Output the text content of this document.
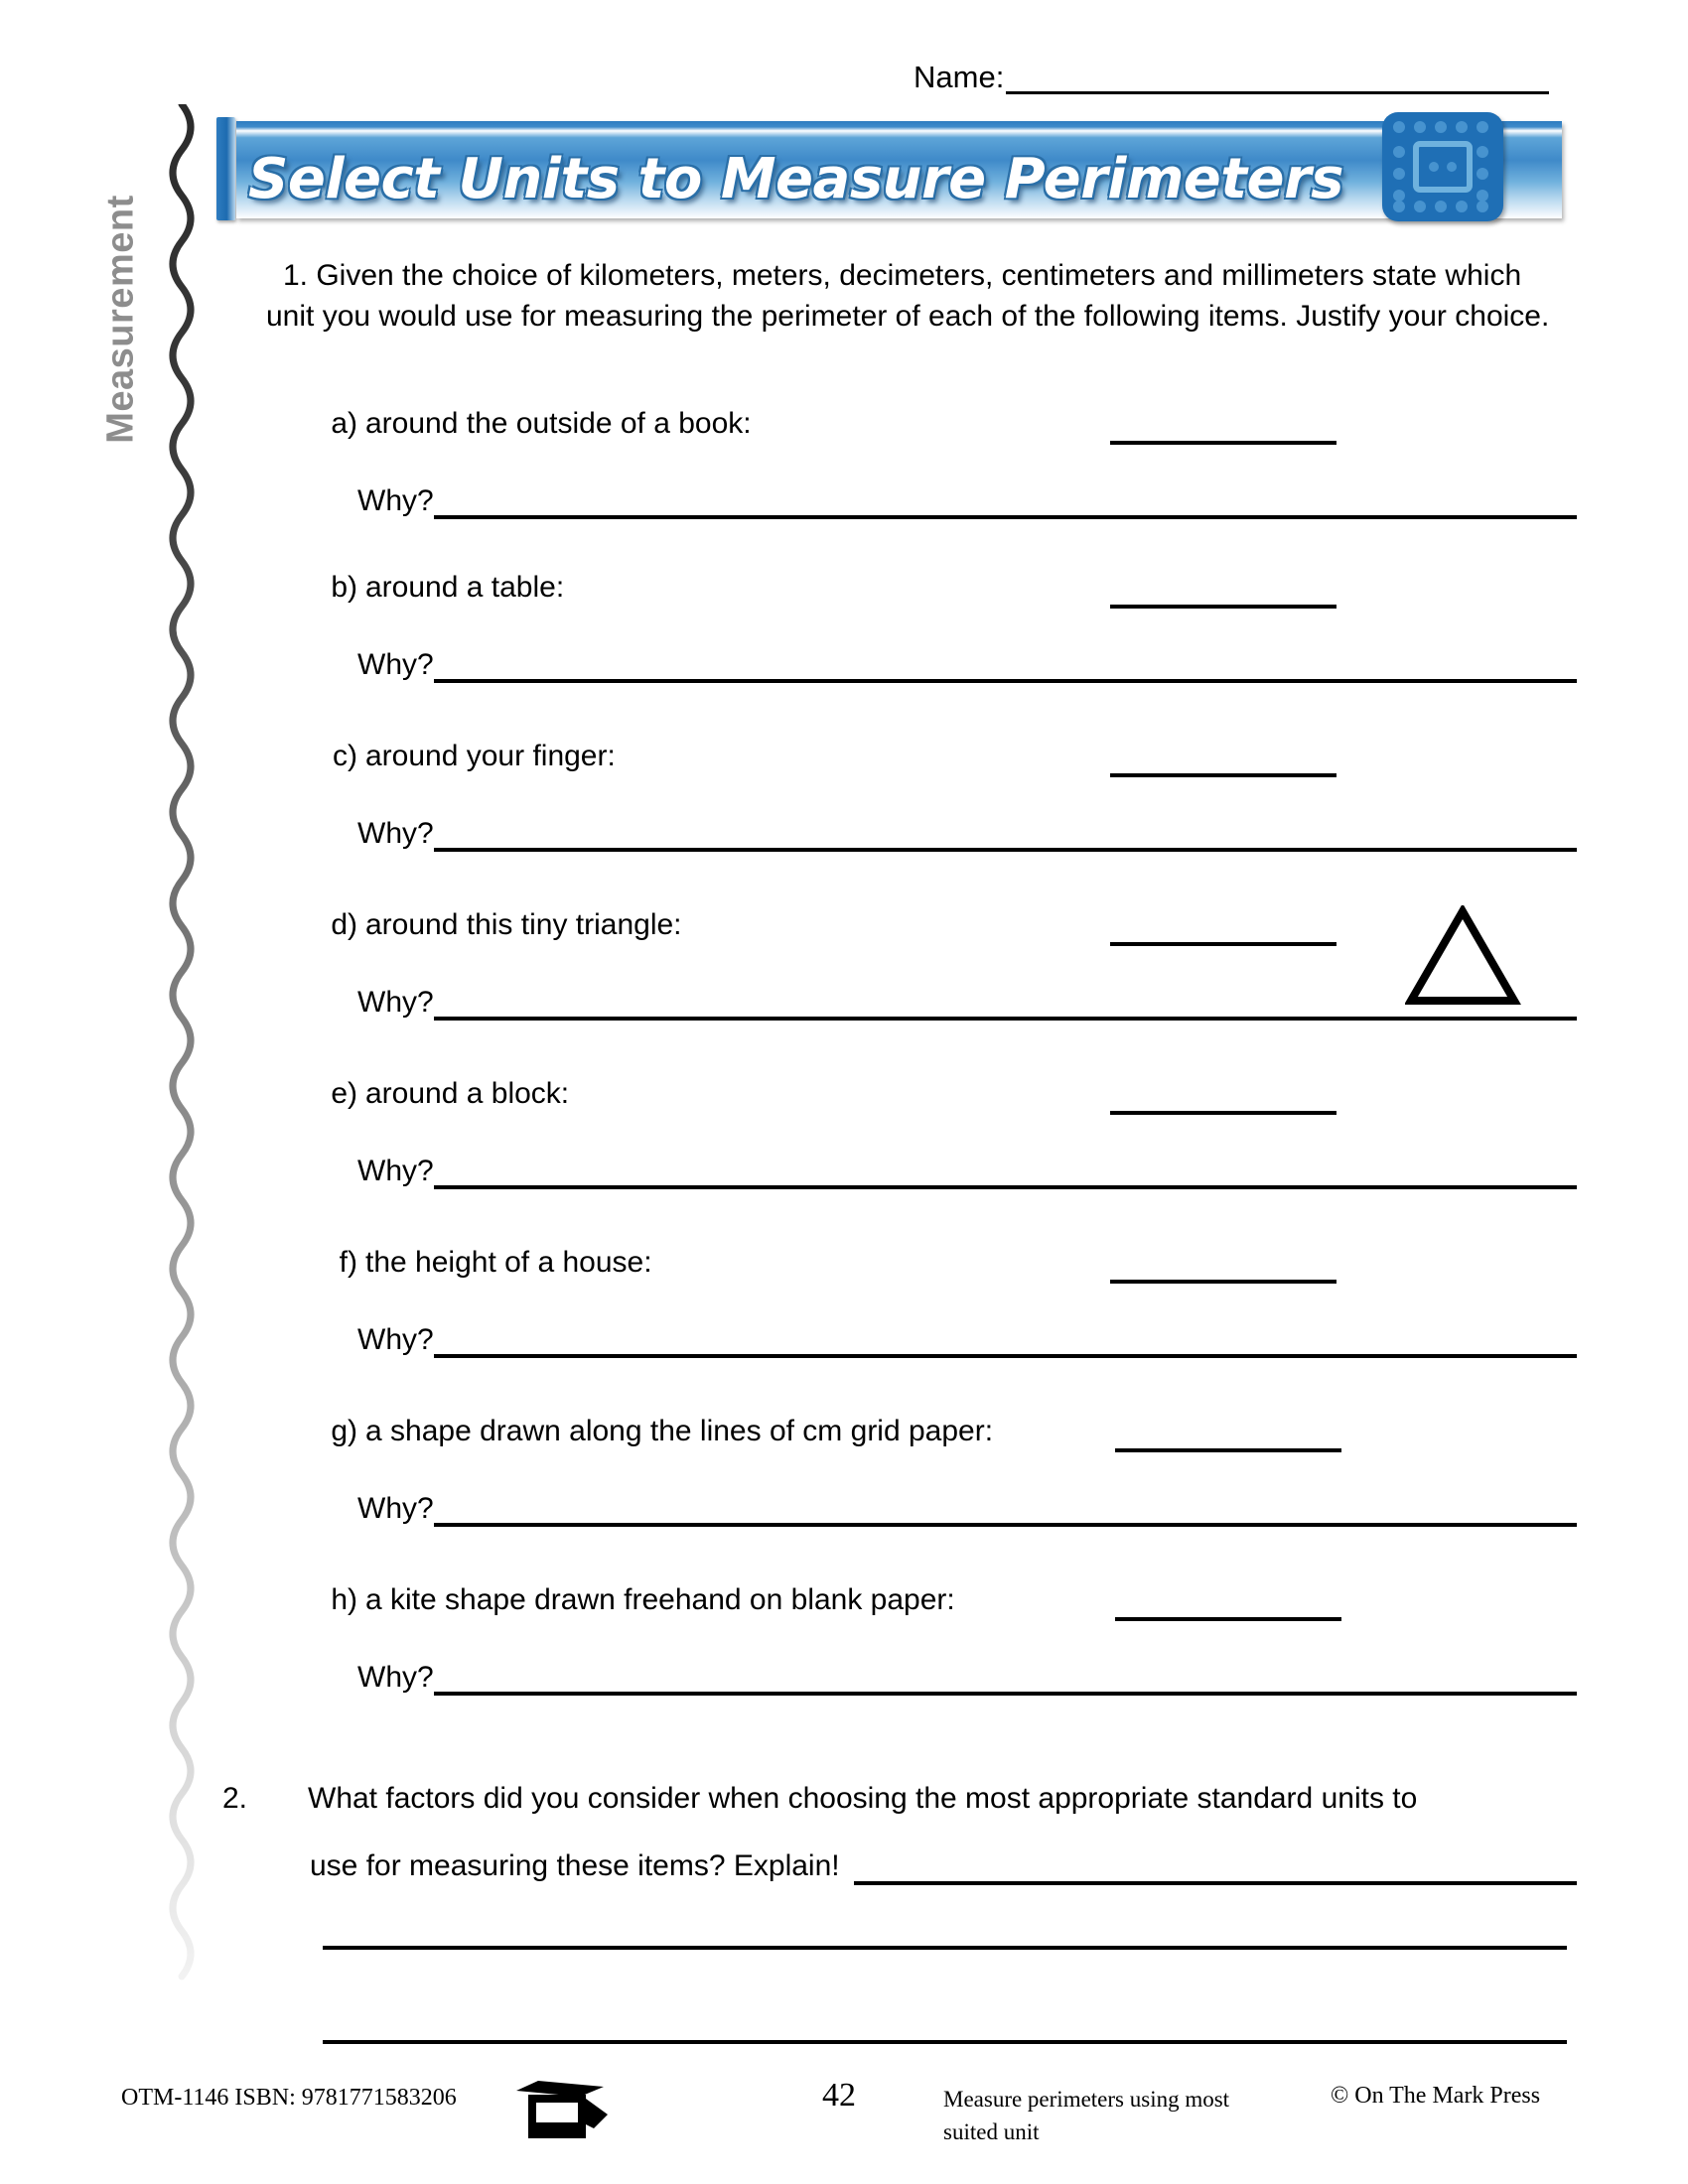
Name:
Measurement
Select Units to Measure Perimeters
1. Given the choice of kilometers, meters, decimeters, centimeters and millimeters state which unit you would use for measuring the perimeter of each of the following items. Justify your choice.
a) around the outside of a book:
Why?
b) around a table:
Why?
c) around your finger:
Why?
d) around this tiny triangle:
Why?
e) around a block:
Why?
f) the height of a house:
Why?
g) a shape drawn along the lines of cm grid paper:
Why?
h) a kite shape drawn freehand on blank paper:
Why?
2. What factors did you consider when choosing the most appropriate standard units to
use for measuring these items? Explain!
OTM-1146 ISBN: 9781771583206	42	Measure perimeters using most suited unit
© On The Mark Press
